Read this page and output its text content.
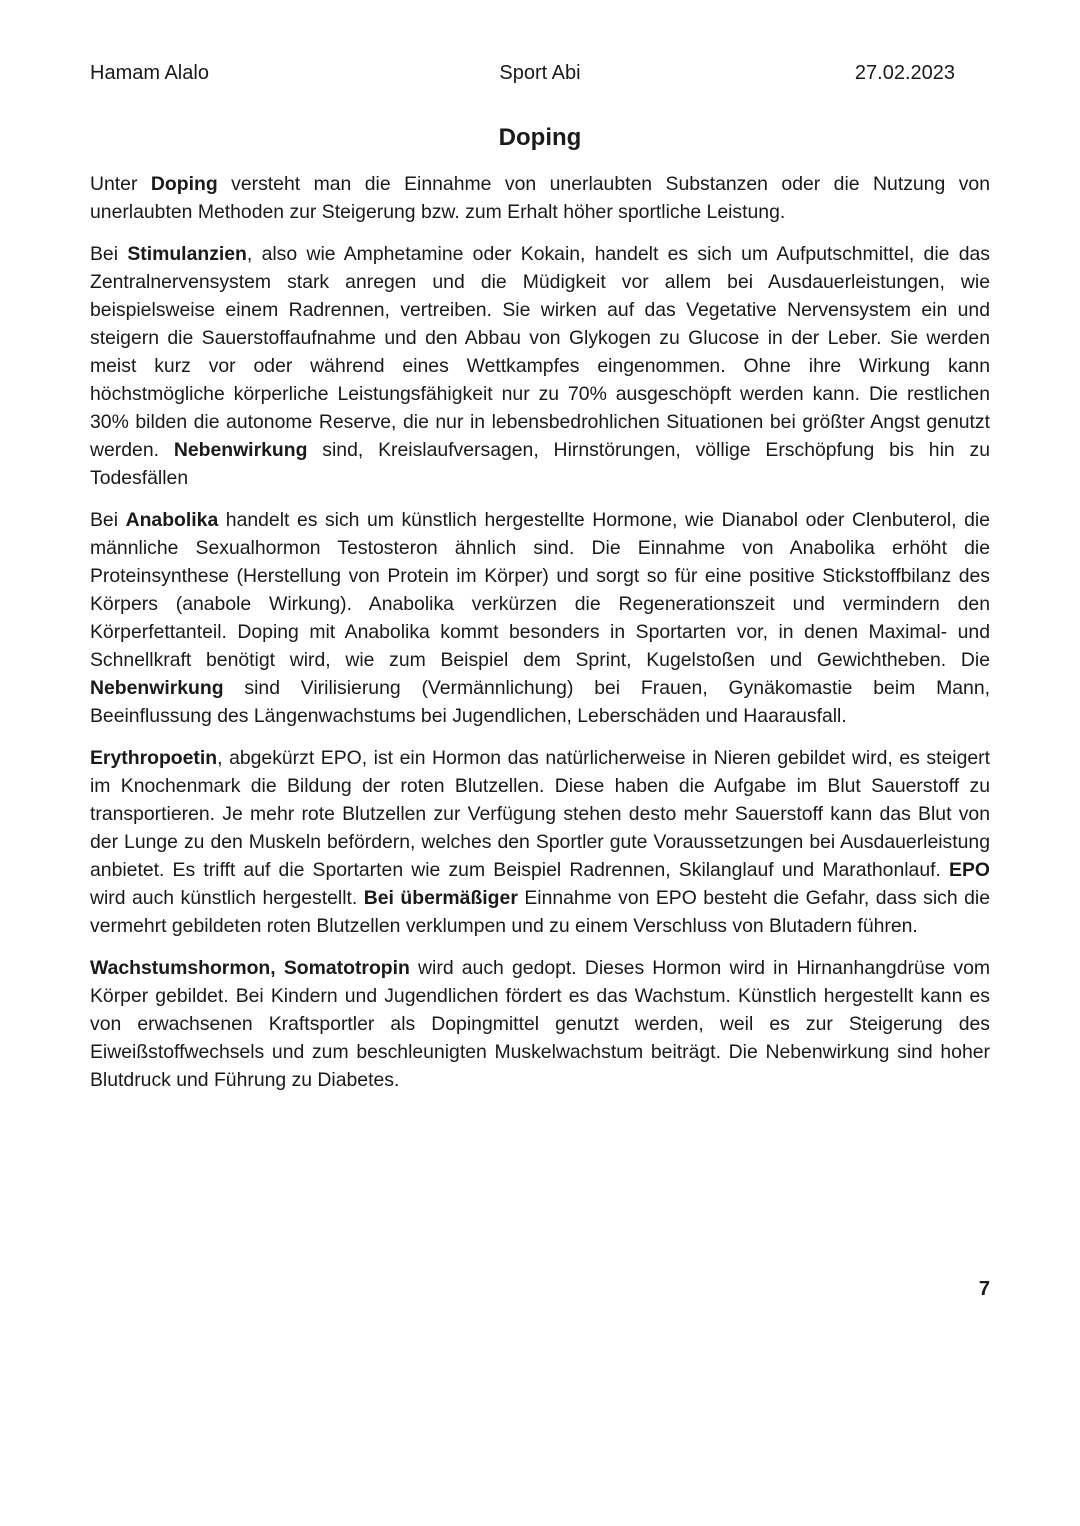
Hamam Alalo	Sport Abi	27.02.2023
Doping

Unter Doping versteht man die Einnahme von unerlaubten Substanzen oder die Nutzung von unerlaubten Methoden zur Steigerung bzw. zum Erhalt höher sportliche Leistung.

Bei Stimulanzien, also wie Amphetamine oder Kokain, handelt es sich um Aufputschmittel, die das Zentralnervensystem stark anregen und die Müdigkeit vor allem bei Ausdauerleistungen, wie beispielsweise einem Radrennen, vertreiben. Sie wirken auf das Vegetative Nervensystem ein und steigern die Sauerstoffaufnahme und den Abbau von Glykogen zu Glucose in der Leber. Sie werden meist kurz vor oder während eines Wettkampfes eingenommen. Ohne ihre Wirkung kann höchstmögliche körperliche Leistungsfähigkeit nur zu 70% ausgeschöpft werden kann. Die restlichen 30% bilden die autonome Reserve, die nur in lebensbedrohlichen Situationen bei größter Angst genutzt werden. Nebenwirkung sind, Kreislaufversagen, Hirnstörungen, völlige Erschöpfung bis hin zu Todesfällen

Bei Anabolika handelt es sich um künstlich hergestellte Hormone, wie Dianabol oder Clenbuterol, die männliche Sexualhormon Testosteron ähnlich sind. Die Einnahme von Anabolika erhöht die Proteinsynthese (Herstellung von Protein im Körper) und sorgt so für eine positive Stickstoffbilanz des Körpers (anabole Wirkung). Anabolika verkürzen die Regenerationszeit und vermindern den Körperfettanteil. Doping mit Anabolika kommt besonders in Sportarten vor, in denen Maximal- und Schnellkraft benötigt wird, wie zum Beispiel dem Sprint, Kugelstoßen und Gewichtheben. Die Nebenwirkung sind Virilisierung (Vermännlichung) bei Frauen, Gynäkomastie beim Mann, Beeinflussung des Längenwachstums bei Jugendlichen, Leberschäden und Haarausfall.

Erythropoetin, abgekürzt EPO, ist ein Hormon das natürlicherweise in Nieren gebildet wird, es steigert im Knochenmark die Bildung der roten Blutzellen. Diese haben die Aufgabe im Blut Sauerstoff zu transportieren. Je mehr rote Blutzellen zur Verfügung stehen desto mehr Sauerstoff kann das Blut von der Lunge zu den Muskeln befördern, welches den Sportler gute Voraussetzungen bei Ausdauerleistung anbietet. Es trifft auf die Sportarten wie zum Beispiel Radrennen, Skilanglauf und Marathonlauf. EPO wird auch künstlich hergestellt. Bei übermäßiger Einnahme von EPO besteht die Gefahr, dass sich die vermehrt gebildeten roten Blutzellen verklumpen und zu einem Verschluss von Blutadern führen.

Wachstumshormon, Somatotropin wird auch gedopt. Dieses Hormon wird in Hirnanhangdrüse vom Körper gebildet. Bei Kindern und Jugendlichen fördert es das Wachstum. Künstlich hergestellt kann es von erwachsenen Kraftsportler als Dopingmittel genutzt werden, weil es zur Steigerung des Eiweißstoffwechsels und zum beschleunigten Muskelwachstum beiträgt. Die Nebenwirkung sind hoher Blutdruck und Führung zu Diabetes.

7
